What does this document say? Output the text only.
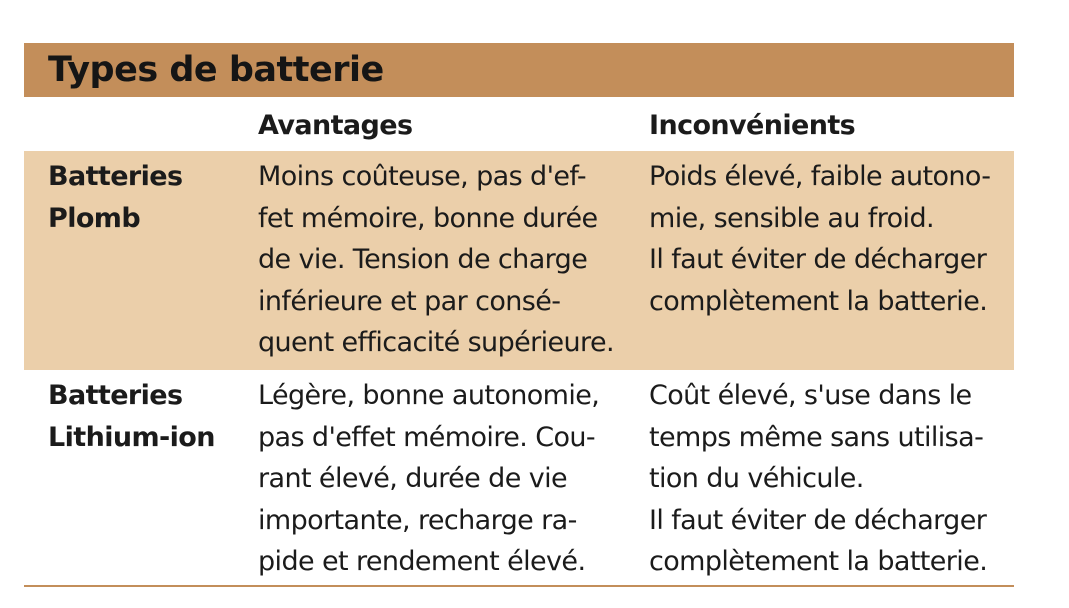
Types de batterie
Avantages	Inconvénients
Batteries
Plomb
Moins coûteuse, pas d'ef-
fet mémoire, bonne durée
de vie. Tension de charge
inférieure et par consé-
quent efficacité supérieure.
Poids élevé, faible autono-
mie, sensible au froid.
Il faut éviter de décharger
complètement la batterie.
Batteries
Lithium-ion
Légère, bonne autonomie,
pas d'effet mémoire. Cou-
rant élevé, durée de vie
importante, recharge ra-
pide et rendement élevé.
Coût élevé, s'use dans le
temps même sans utilisa-
tion du véhicule.
Il faut éviter de décharger
complètement la batterie.
